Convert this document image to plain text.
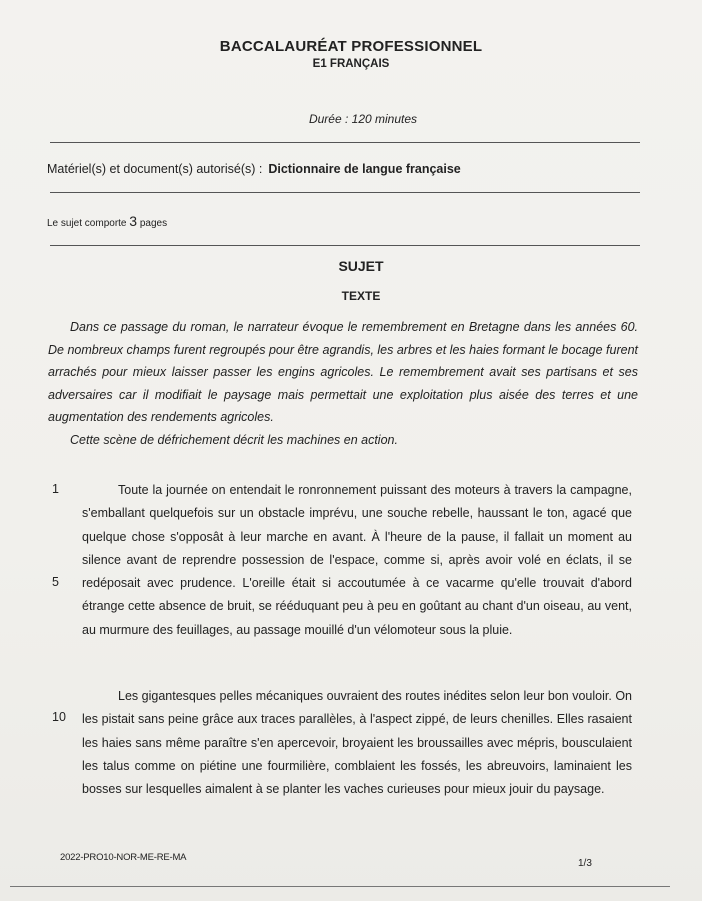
BACCALAURÉAT PROFESSIONNEL
E1 FRANÇAIS
Durée : 120 minutes
Matériel(s) et document(s) autorisé(s) : Dictionnaire de langue française
Le sujet comporte 3 pages
SUJET
TEXTE
Dans ce passage du roman, le narrateur évoque le remembrement en Bretagne dans les années 60. De nombreux champs furent regroupés pour être agrandis, les arbres et les haies formant le bocage furent arrachés pour mieux laisser passer les engins agricoles. Le remembrement avait ses partisans et ses adversaires car il modifiait le paysage mais permettait une exploitation plus aisée des terres et une augmentation des rendements agricoles.
Cette scène de défrichement décrit les machines en action.
1
5
10
Toute la journée on entendait le ronronnement puissant des moteurs à travers la campagne, s'emballant quelquefois sur un obstacle imprévu, une souche rebelle, haussant le ton, agacé que quelque chose s'opposât à leur marche en avant. À l'heure de la pause, il fallait un moment au silence avant de reprendre possession de l'espace, comme si, après avoir volé en éclats, il se redéposait avec prudence. L'oreille était si accoutumée à ce vacarme qu'elle trouvait d'abord étrange cette absence de bruit, se rééduquant peu à peu en goûtant au chant d'un oiseau, au vent, au murmure des feuillages, au passage mouillé d'un vélomoteur sous la pluie.
Les gigantesques pelles mécaniques ouvraient des routes inédites selon leur bon vouloir. On les pistait sans peine grâce aux traces parallèles, à l'aspect zippé, de leurs chenilles. Elles rasaient les haies sans même paraître s'en apercevoir, broyaient les broussailles avec mépris, bousculaient les talus comme on piétine une fourmilière, comblaient les fossés, les abreuvoirs, laminaient les bosses sur lesquelles aimalent à se planter les vaches curieuses pour mieux jouir du paysage.
2022-PRO10-NOR-ME-RE-MA
1/3
